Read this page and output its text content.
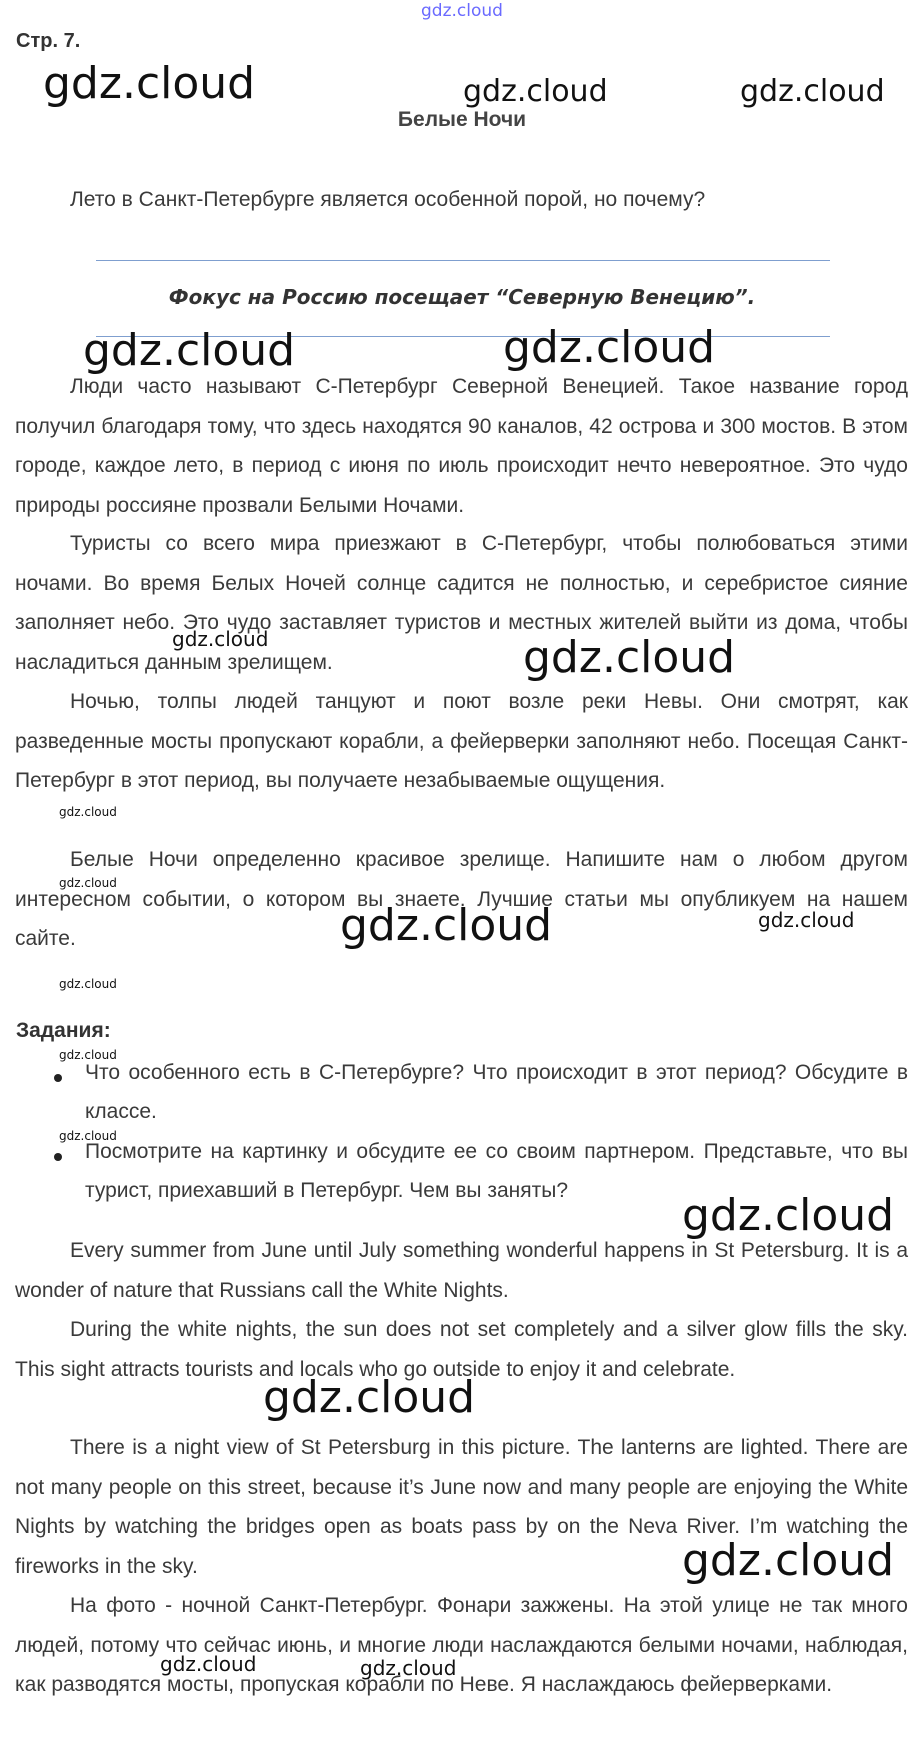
gdz.cloud
Стр. 7.
Белые Ночи
Лето в Санкт-Петербурге является особенной порой, но почему?
Фокус на Россию посещает “Северную Венецию”.

Люди часто называют С-Петербург Северной Венецией. Такое название город получил благодаря тому, что здесь находятся 90 каналов, 42 острова и 300 мостов. В этом городе, каждое лето, в период с июня по июль происходит нечто невероятное. Это чудо природы россияне прозвали Белыми Ночами.

Туристы со всего мира приезжают в С-Петербург, чтобы полюбоваться этими ночами. Во время Белых Ночей солнце садится не полностью, и серебристое сияние заполняет небо. Это чудо заставляет туристов и местных жителей выйти из дома, чтобы насладиться данным зрелищем.

Ночью, толпы людей танцуют и поют возле реки Невы. Они смотрят, как разведенные мосты пропускают корабли, а фейерверки заполняют небо. Посещая Санкт-Петербург в этот период, вы получаете незабываемые ощущения.

Белые Ночи определенно красивое зрелище. Напишите нам о любом другом интересном событии, о котором вы знаете. Лучшие статьи мы опубликуем на нашем сайте.

Задания:

Что особенного есть в С-Петербурге? Что происходит в этот период? Обсудите в классе.

Посмотрите на картинку и обсудите ее со своим партнером. Представьте, что вы турист, приехавший в Петербург. Чем вы заняты?

Every summer from June until July something wonderful happens in St Petersburg. It is a wonder of nature that Russians call the White Nights.

During the white nights, the sun does not set completely and a silver glow fills the sky. This sight attracts tourists and locals who go outside to enjoy it and celebrate.

There is a night view of St Petersburg in this picture. The lanterns are lighted. There are not many people on this street, because it’s June now and many people are enjoying the White Nights by watching the bridges open as boats pass by on the Neva River. I’m watching the fireworks in the sky.

На фото - ночной Санкт-Петербург. Фонари зажжены. На этой улице не так много людей, потому что сейчас июнь, и многие люди наслаждаются белыми ночами, наблюдая, как разводятся мосты, пропуская корабли по Неве. Я наслаждаюсь фейерверками.

gdz.cloud	gdz.cloud	gdz.cloud
gdz.cloud	gdz.cloud
gdz.cloud	gdz.cloud
gdz.cloud
gdz.cloud
gdz.cloud	gdz.cloud
gdz.cloud
gdz.cloud
gdz.cloud
gdz.cloud
gdz.cloud
gdz.cloud
gdz.cloud	gdz.cloud
